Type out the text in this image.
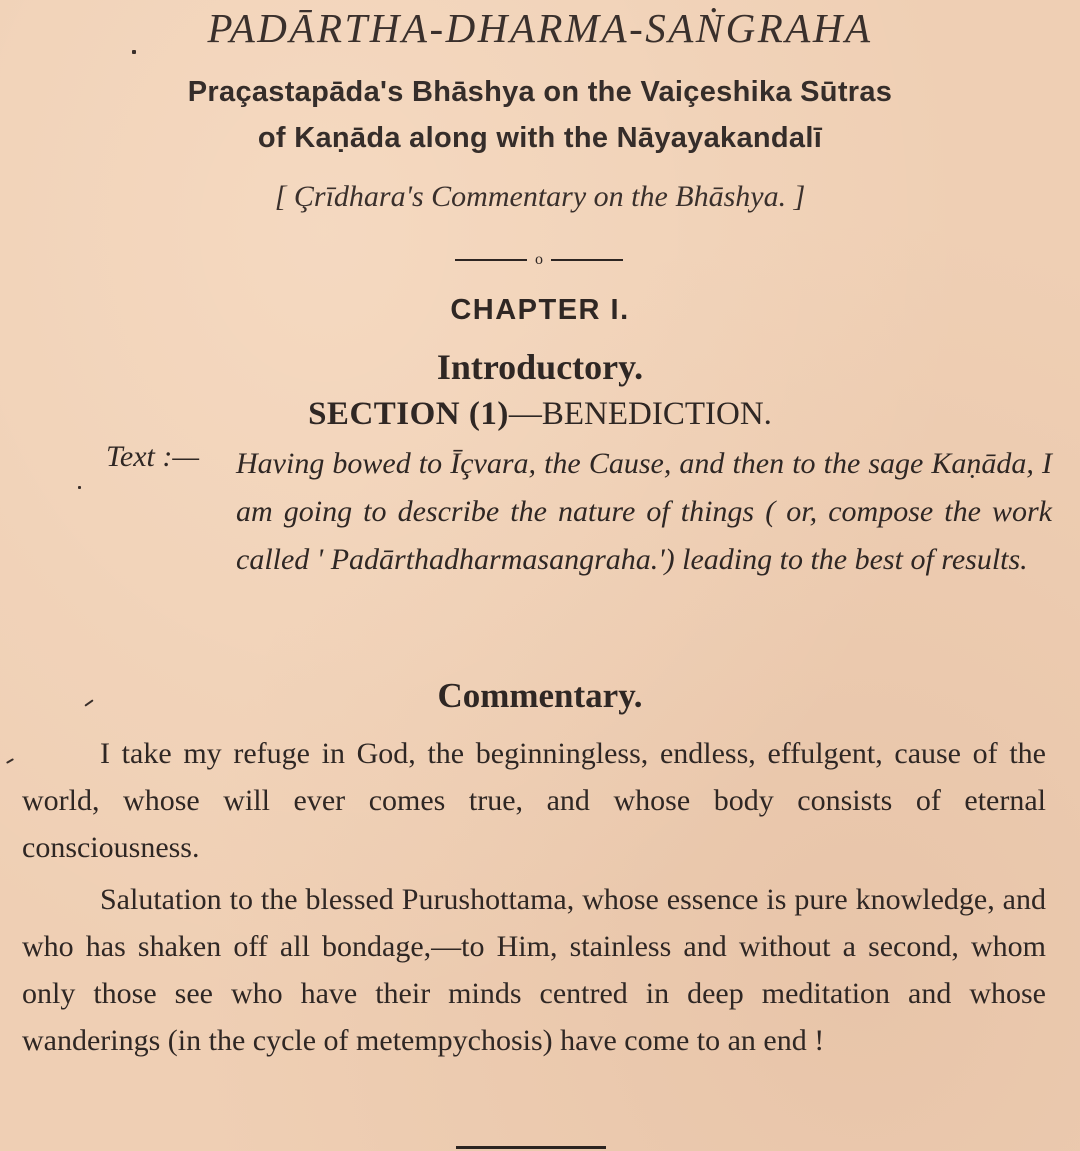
PADĀRTHA-DHARMA-SAṄGRAHA
Praçastapāda's Bhāshya on the Vaiçeshika Sūtras
of Kaṇāda along with the Nāyayakandalī
[ Çrīdhara's Commentary on the Bhāshya. ]
o
CHAPTER I.
Introductory.
SECTION (1)—BENEDICTION.
Text :— Having bowed to Īçvara, the Cause, and then to the sage Kaṇāda, I am going to describe the nature of things ( or, compose the work called ' Padārthadharmasangraha.') leading to the best of results.
Commentary.
I take my refuge in God, the beginningless, endless, effulgent, cause of the world, whose will ever comes true, and whose body consists of eternal consciousness.
Salutation to the blessed Purushottama, whose essence is pure knowledge, and who has shaken off all bondage,—to Him, stainless and without a second, whom only those see who have their minds centred in deep meditation and whose wanderings (in the cycle of metempychosis) have come to an end !
